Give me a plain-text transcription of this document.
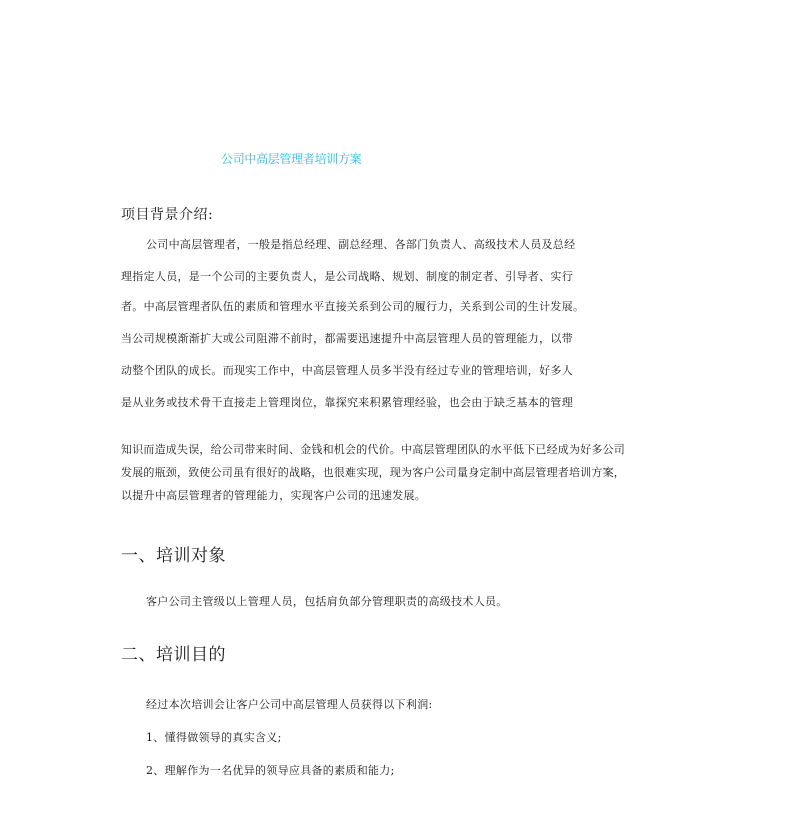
公司中高层管理者培训方案
项目背景介绍:
公司中高层管理者，一般是指总经理、副总经理、各部门负责人、高级技术人员及总经
理指定人员，是一个公司的主要负责人，是公司战略、规划、制度的制定者、引导者、实行
者。中高层管理者队伍的素质和管理水平直接关系到公司的履行力，关系到公司的生计发展。
当公司规模渐渐扩大或公司阻滞不前时，都需要迅速提升中高层管理人员的管理能力，以带
动整个团队的成长。而现实工作中，中高层管理人员多半没有经过专业的管理培训，好多人
是从业务或技术骨干直接走上管理岗位，靠探究来积累管理经验，也会由于缺乏基本的管理
知识而造成失误，给公司带来时间、金钱和机会的代价。中高层管理团队的水平低下已经成为好多公司
发展的瓶颈，致使公司虽有很好的战略，也很难实现，现为客户公司量身定制中高层管理者培训方案，
以提升中高层管理者的管理能力，实现客户公司的迅速发展。
一、培训对象
客户公司主管级以上管理人员，包括肩负部分管理职责的高级技术人员。
二、培训目的
经过本次培训会让客户公司中高层管理人员获得以下利润:
1、懂得做领导的真实含义;
2、理解作为一名优异的领导应具备的素质和能力;
